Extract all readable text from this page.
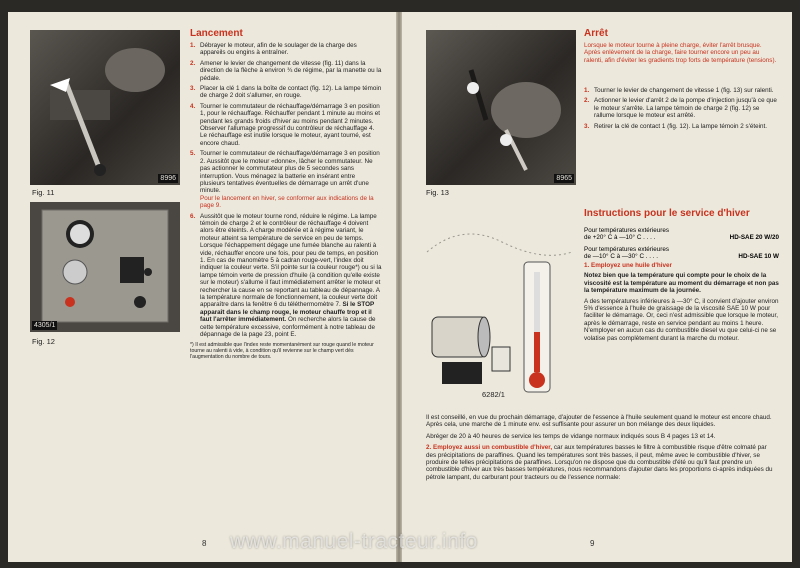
8996
Fig. 11
4305/1
Fig. 12
Lancement
1. Débrayer le moteur, afin de le soulager de la charge des appareils ou engins à entraîner.
2. Amener le levier de changement de vitesse (fig. 11) dans la direction de la flèche à environ ¾ de régime, par la manette ou la pédale.
3. Placer la clé 1 dans la boîte de contact (fig. 12). La lampe témoin de charge 2 doit s'allumer, en rouge.
4. Tourner le commutateur de réchauffage/démarrage 3 en position 1, pour le réchauffage. Réchauffer pendant 1 minute au moins et pendant les grands froids d'hiver au moins pendant 2 minutes. Observer l'allumage progressif du contrôleur de réchauffage 4. Le réchauffage est inutile lorsque le moteur, ayant tourné, est encore chaud.
5. Tourner le commutateur de réchauffage/démarrage 3 en position 2. Aussitôt que le moteur «donne», lâcher le commutateur. Ne pas actionner le commutateur plus de 5 secondes sans interruption. Vous ménagez la batterie en insérant entre plusieurs tentatives éventuelles de démarrage un arrêt d'une minute.
Pour le lancement en hiver, se conformer aux indications de la page 9.
6. Aussitôt que le moteur tourne rond, réduire le régime. La lampe témoin de charge 2 et le contrôleur de réchauffage 4 doivent alors être éteints. A charge modérée et à régime variant, le moteur atteint sa température de service en peu de temps. Lorsque l'échappement dégage une fumée blanche au ralenti à vide, réchauffer encore une fois, pour peu de temps, en position 1. En cas de manomètre 5 à cadran rouge-vert, l'index doit indiquer la couleur verte. S'il pointe sur la couleur rouge*) ou si la lampe témoin verte de pression d'huile (à condition qu'elle existe sur le moteur) s'allume il faut immédiatement arrêter le moteur et rechercher la cause en se reportant au tableau de dépannage. A la température normale de fonctionnement, la couleur verte doit apparaître dans la fenêtre 6 du téléthermomètre 7. Si le STOP apparaît dans le champ rouge, le moteur chauffe trop et il faut l'arrêter immédiatement. On recherche alors la cause de cette température excessive, conformément à notre tableau de dépannage de la page 23, point E.
*) Il est admissible que l'index reste momentanément sur rouge quand le moteur tourne au ralenti à vide, à condition qu'il revienne sur le champ vert dès l'augmentation du nombre de tours.
8
8965
Fig. 13
Arrêt
Lorsque le moteur tourne à pleine charge, éviter l'arrêt brusque. Après enlèvement de la charge, faire tourner encore un peu au ralenti, afin d'éviter les gradients trop forts de température (tensions).
1. Tourner le levier de changement de vitesse 1 (fig. 13) sur ralenti.
2. Actionner le levier d'arrêt 2 de la pompe d'injection jusqu'à ce que le moteur s'arrête. La lampe témoin de charge 2 (fig. 12) se rallume lorsque le moteur est arrêté.
3. Retirer la clé de contact 1 (fig. 12). La lampe témoin 2 s'éteint.
Instructions pour le service d'hiver
Pour températures extérieures
de +20° C à —10° C . . . .	HD-SAE 20 W/20
Pour températures extérieures
de —10° C à —30° C . . . .	HD-SAE 10 W
6282/1
1. Employez une huile d'hiver
Notez bien que la température qui compte pour le choix de la viscosité est la température au moment du démarrage et non pas la température maximum de la journée.
A des températures inférieures à —30° C, il convient d'ajouter environ 5% d'essence à l'huile de graissage de la viscosité SAE 10 W pour faciliter le démarrage. Or, ceci n'est admissible que lorsque le moteur, après le démarrage, reste en service pendant au moins 1 heure. N'employer en aucun cas du combustible diesel vu que celui-ci ne se volatise pas complètement durant la marche du moteur.
Il est conseillé, en vue du prochain démarrage, d'ajouter de l'essence à l'huile seulement quand le moteur est encore chaud. Après cela, une marche de 1 minute env. est suffisante pour assurer un bon mélange des deux liquides.
Abréger de 20 à 40 heures de service les temps de vidange normaux indiqués sous B 4 pages 13 et 14.
2. Employez aussi un combustible d'hiver, car aux températures basses le filtre à combustible risque d'être colmaté par des précipitations de paraffines. Quand les températures sont très basses, il peut, même avec le combustible d'hiver, se produire de telles précipitations de paraffines. Lorsqu'on ne dispose que du combustible d'été ou qu'il faut prendre un combustible d'hiver aux très basses températures, nous recommandons d'ajouter dans les proportions ci-après indiquées du pétrole lampant, du carburant pour tracteurs ou de l'essence normale:
9
www.manuel-tracteur.info
